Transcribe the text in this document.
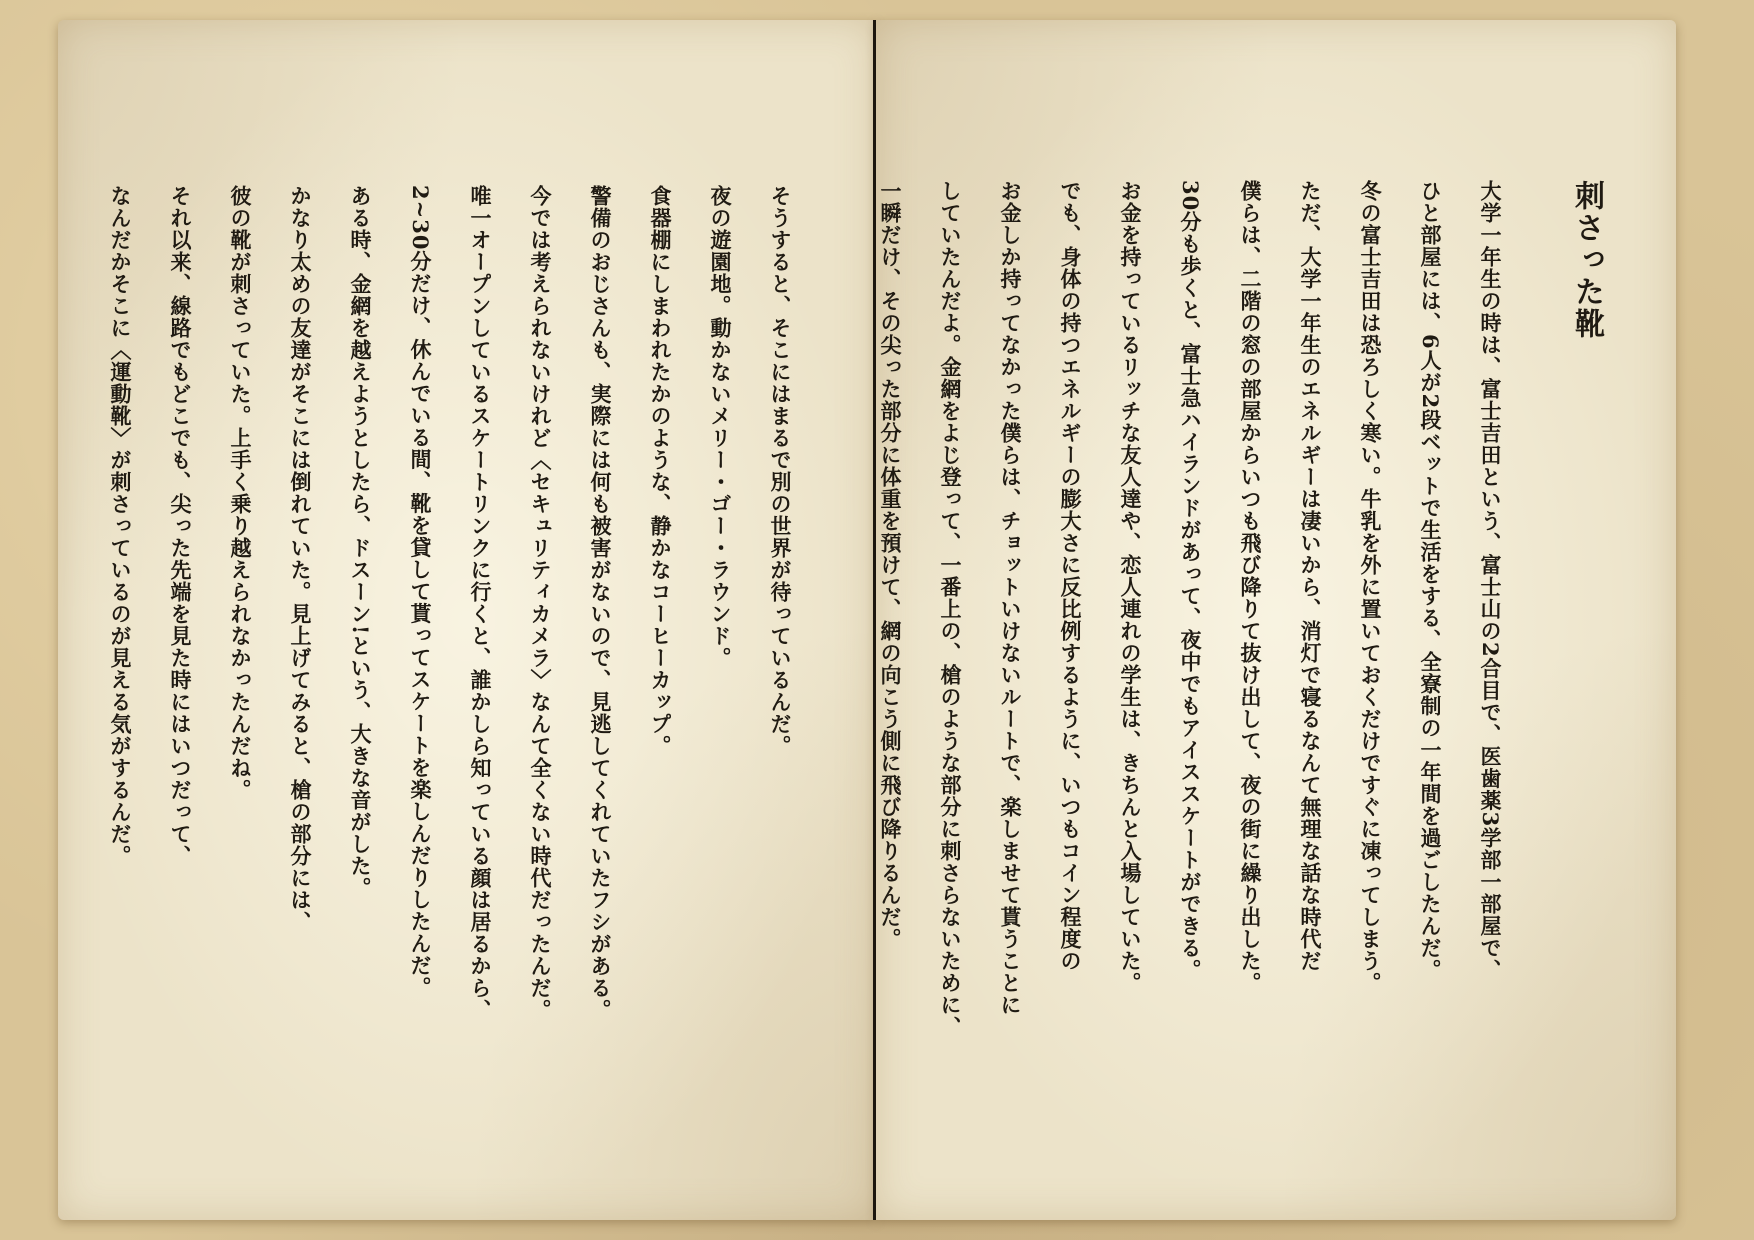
そうすると、そこにはまるで別の世界が待っているんだ。
夜の遊園地。動かないメリー・ゴー・ラウンド。
食器棚にしまわれたかのような、静かなコーヒーカップ。
警備のおじさんも、実際には何も被害がないので、見逃してくれていたフシがある。
今では考えられないけれど〈セキュリティカメラ〉なんて全くない時代だったんだ。
唯一オープンしているスケートリンクに行くと、誰かしら知っている顔は居るから、
2~30分だけ、休んでいる間、靴を貸して貰ってスケートを楽しんだりしたんだ。
ある時、金網を越えようとしたら、ドスーン!という、大きな音がした。
かなり太めの友達がそこには倒れていた。見上げてみると、槍の部分には、
彼の靴が刺さっていた。上手く乗り越えられなかったんだね。
それ以来、線路でもどこでも、尖った先端を見た時にはいつだって、
なんだかそこに〈運動靴〉が刺さっているのが見える気がするんだ。	刺さった靴
大学一年生の時は、富士吉田という、富士山の2合目で、医歯薬3学部一部屋で、
ひと部屋には、6人が2段ベットで生活をする、全寮制の一年間を過ごしたんだ。
冬の富士吉田は恐ろしく寒い。牛乳を外に置いておくだけですぐに凍ってしまう。
ただ、大学一年生のエネルギーは凄いから、消灯で寝るなんて無理な話な時代だ
僕らは、二階の窓の部屋からいつも飛び降りて抜け出して、夜の街に繰り出した。
30分も歩くと、富士急ハイランドがあって、夜中でもアイススケートができる。
お金を持っているリッチな友人達や、恋人連れの学生は、きちんと入場していた。
でも、身体の持つエネルギーの膨大さに反比例するように、いつもコイン程度の
お金しか持ってなかった僕らは、チョットいけないルートで、楽しませて貰うことに
していたんだよ。金網をよじ登って、一番上の、槍のような部分に刺さらないために、
一瞬だけ、その尖った部分に体重を預けて、網の向こう側に飛び降りるんだ。
